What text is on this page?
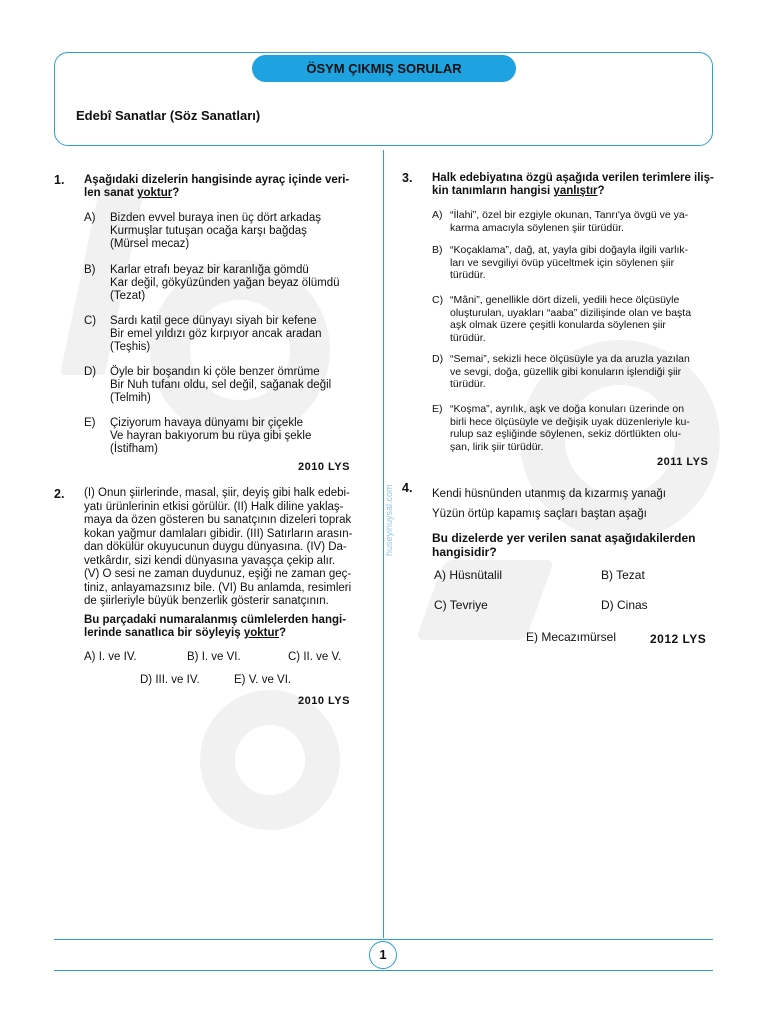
ÖSYM ÇIKMIŞ SORULAR
Edebî Sanatlar (Söz Sanatları)
huseyinuysal.com
1. Aşağıdaki dizelerin hangisinde ayraç içinde veri-
len sanat yoktur?
A) Bizden evvel buraya inen üç dört arkadaş
Kurmuşlar tutuşan ocağa karşı bağdaş
(Mürsel mecaz)
B) Karlar etrafı beyaz bir karanlığa gömdü
Kar değil, gökyüzünden yağan beyaz ölümdü
(Tezat)
C) Sardı katil gece dünyayı siyah bir kefene
Bir emel yıldızı göz kırpıyor ancak aradan
(Teşhis)
D) Öyle bir boşandın ki çöle benzer ömrüme
Bir Nuh tufanı oldu, sel değil, sağanak değil
(Telmih)
E) Çiziyorum havaya dünyamı bir çiçekle
Ve hayran bakıyorum bu rüya gibi şekle
(İstifham)
2010 LYS
2. (I) Onun şiirlerinde, masal, şiir, deyiş gibi halk edebi-
yatı ürünlerinin etkisi görülür. (II) Halk diline yaklaş-
maya da özen gösteren bu sanatçının dizeleri toprak
kokan yağmur damlaları gibidir. (III) Satırların arasın-
dan dökülür okuyucunun duygu dünyasına. (IV) Da-
vetkârdır, sizi kendi dünyasına yavaşça çekip alır.
(V) O sesi ne zaman duydunuz, eşiği ne zaman geç-
tiniz, anlayamazsınız bile. (VI) Bu anlamda, resimleri
de şiirleriyle büyük benzerlik gösterir sanatçının.
Bu parçadaki numaralanmış cümlelerden hangi-
lerinde sanatlıca bir söyleyiş yoktur?
A) I. ve IV.	B) I. ve VI.	C) II. ve V.
D) III. ve IV.	E) V. ve VI.
2010 LYS
3. Halk edebiyatına özgü aşağıda verilen terimlere iliş-
kin tanımların hangisi yanlıştır?
A) “İlahi”, özel bir ezgiyle okunan, Tanrı'ya övgü ve ya-
karma amacıyla söylenen şiir türüdür.
B) “Koçaklama”, dağ, at, yayla gibi doğayla ilgili varlık-
ları ve sevgiliyi övüp yüceltmek için söylenen şiir
türüdür.
C) “Mâni”, genellikle dört dizeli, yedili hece ölçüsüyle
oluşturulan, uyakları “aaba” dizilişinde olan ve başta
aşk olmak üzere çeşitli konularda söylenen şiir
türüdür.
D) “Semai”, sekizli hece ölçüsüyle ya da aruzla yazılan
ve sevgi, doğa, güzellik gibi konuların işlendiği şiir
türüdür.
E) “Koşma”, ayrılık, aşk ve doğa konuları üzerinde on
birli hece ölçüsüyle ve değişik uyak düzenleriyle ku-
rulup saz eşliğinde söylenen, sekiz dörtlükten olu-
şan, lirik şiir türüdür.
2011 LYS
4. Kendi hüsnünden utanmış da kızarmış yanağı
Yüzün örtüp kapamış saçları baştan aşağı
Bu dizelerde yer verilen sanat aşağıdakilerden
hangisidir?
A) Hüsnütalil	B) Tezat
C) Tevriye	D) Cinas
E) Mecazımürsel	2012 LYS
1
